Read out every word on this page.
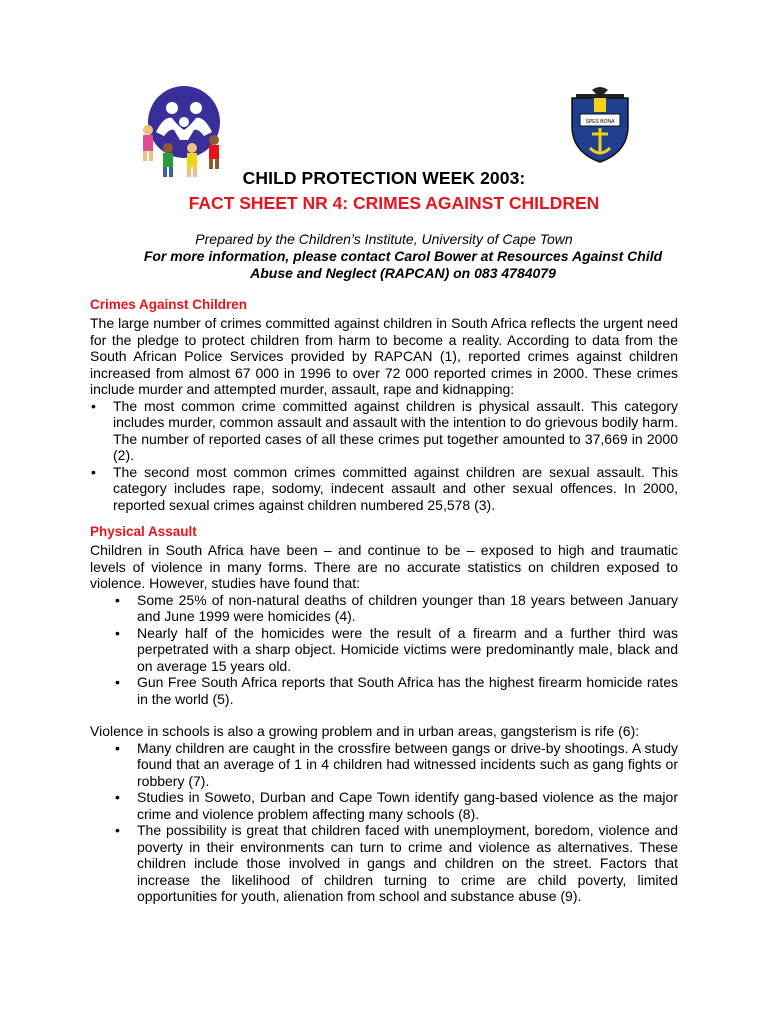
SPES BONA
CHILD PROTECTION WEEK 2003:
FACT SHEET NR 4: CRIMES AGAINST CHILDREN
Prepared by the Children’s Institute, University of Cape Town
For more information, please contact Carol Bower at Resources Against Child Abuse and Neglect (RAPCAN) on 083 4784079
Crimes Against Children
The large number of crimes committed against children in South Africa reflects the urgent need for the pledge to protect children from harm to become a reality. According to data from the South African Police Services provided by RAPCAN (1), reported crimes against children increased from almost 67 000 in 1996 to over 72 000 reported crimes in 2000. These crimes include murder and attempted murder, assault, rape and kidnapping:
• The most common crime committed against children is physical assault. This category includes murder, common assault and assault with the intention to do grievous bodily harm. The number of reported cases of all these crimes put together amounted to 37,669 in 2000 (2).
• The second most common crimes committed against children are sexual assault. This category includes rape, sodomy, indecent assault and other sexual offences. In 2000, reported sexual crimes against children numbered 25,578 (3).
Physical Assault
Children in South Africa have been – and continue to be – exposed to high and traumatic levels of violence in many forms. There are no accurate statistics on children exposed to violence. However, studies have found that:
• Some 25% of non-natural deaths of children younger than 18 years between January and June 1999 were homicides (4).
• Nearly half of the homicides were the result of a firearm and a further third was perpetrated with a sharp object. Homicide victims were predominantly male, black and on average 15 years old.
• Gun Free South Africa reports that South Africa has the highest firearm homicide rates in the world (5).
Violence in schools is also a growing problem and in urban areas, gangsterism is rife (6):
• Many children are caught in the crossfire between gangs or drive-by shootings. A study found that an average of 1 in 4 children had witnessed incidents such as gang fights or robbery (7).
• Studies in Soweto, Durban and Cape Town identify gang-based violence as the major crime and violence problem affecting many schools (8).
• The possibility is great that children faced with unemployment, boredom, violence and poverty in their environments can turn to crime and violence as alternatives. These children include those involved in gangs and children on the street. Factors that increase the likelihood of children turning to crime are child poverty, limited opportunities for youth, alienation from school and substance abuse (9).
